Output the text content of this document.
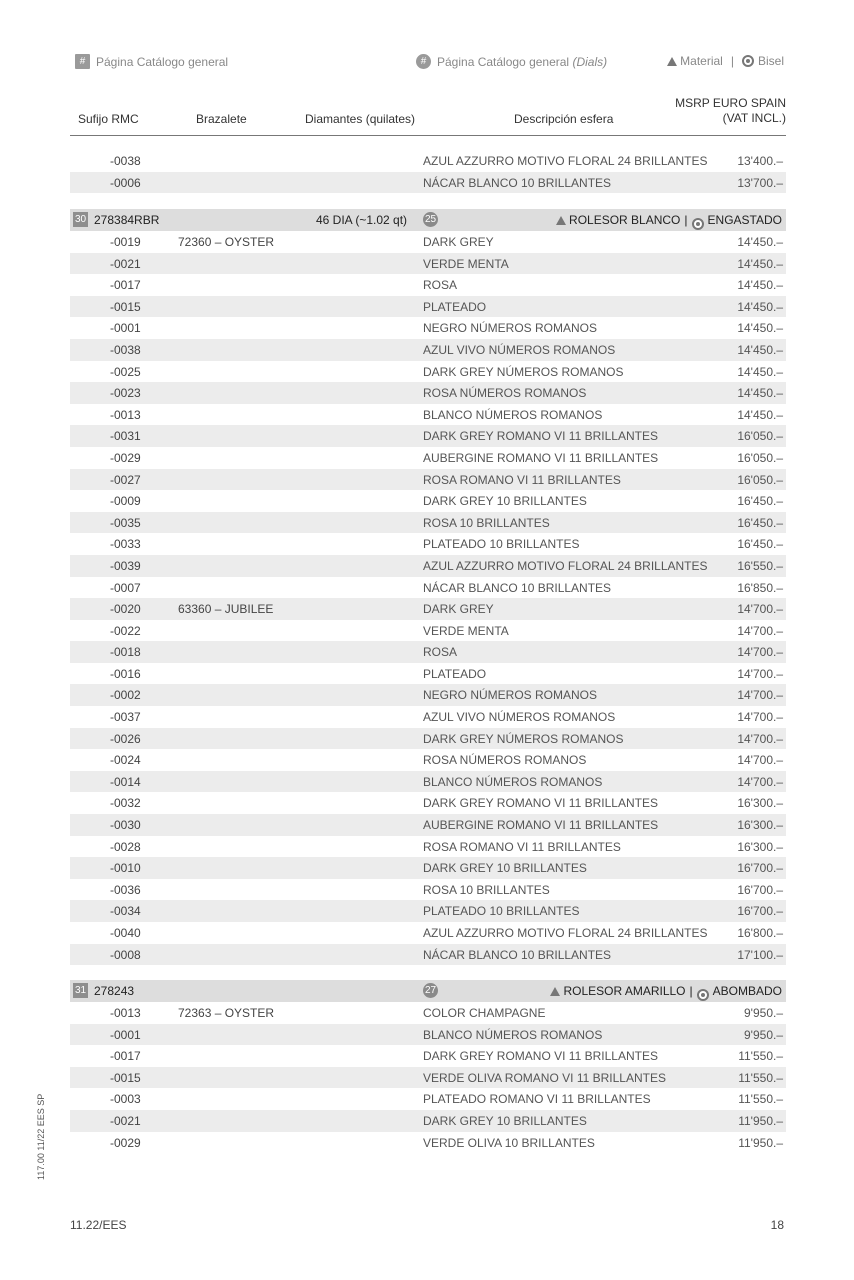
# Página Catálogo general	# Página Catálogo general
(Dials)	Material | Bisel
Sufijo RMC	Brazalete	Diamantes (quilates)	Descripción esfera
MSRP EURO SPAIN
(VAT INCL.)
-0038	AZUL AZZURRO MOTIVO FLORAL 24 BRILLANTES 13'400.–
-0006	NÁCAR BLANCO 10 BRILLANTES	13'700.–
30 278384RBR	46 DIA (~1.02 qt) 25	ROLESOR BLANCO | ENGASTADO
-0019	72360 – OYSTER	DARK GREY	14'450.–
-0021	VERDE MENTA	14'450.–
-0017	ROSA	14'450.–
-0015	PLATEADO	14'450.–
-0001	NEGRO NÚMEROS ROMANOS	14'450.–
-0038	AZUL VIVO NÚMEROS ROMANOS	14'450.–
-0025	DARK GREY NÚMEROS ROMANOS	14'450.–
-0023	ROSA NÚMEROS ROMANOS	14'450.–
-0013	BLANCO NÚMEROS ROMANOS	14'450.–
-0031	DARK GREY ROMANO VI 11 BRILLANTES	16'050.–
-0029	AUBERGINE ROMANO VI 11 BRILLANTES	16'050.–
-0027	ROSA ROMANO VI 11 BRILLANTES	16'050.–
-0009	DARK GREY 10 BRILLANTES	16'450.–
-0035	ROSA 10 BRILLANTES	16'450.–
-0033	PLATEADO 10 BRILLANTES	16'450.–
-0039	AZUL AZZURRO MOTIVO FLORAL 24 BRILLANTES 16'550.–
-0007	NÁCAR BLANCO 10 BRILLANTES	16'850.–
-0020	63360 – JUBILEE	DARK GREY	14'700.–
-0022	VERDE MENTA	14'700.–
-0018	ROSA	14'700.–
-0016	PLATEADO	14'700.–
-0002	NEGRO NÚMEROS ROMANOS	14'700.–
-0037	AZUL VIVO NÚMEROS ROMANOS	14'700.–
-0026	DARK GREY NÚMEROS ROMANOS	14'700.–
-0024	ROSA NÚMEROS ROMANOS	14'700.–
-0014	BLANCO NÚMEROS ROMANOS	14'700.–
-0032	DARK GREY ROMANO VI 11 BRILLANTES	16'300.–
-0030	AUBERGINE ROMANO VI 11 BRILLANTES	16'300.–
-0028	ROSA ROMANO VI 11 BRILLANTES	16'300.–
-0010	DARK GREY 10 BRILLANTES	16'700.–
-0036	ROSA 10 BRILLANTES	16'700.–
-0034	PLATEADO 10 BRILLANTES	16'700.–
-0040	AZUL AZZURRO MOTIVO FLORAL 24 BRILLANTES 16'800.–
-0008	NÁCAR BLANCO 10 BRILLANTES	17'100.–
31 278243	27	ROLESOR AMARILLO | ABOMBADO
-0013	72363 – OYSTER	COLOR CHAMPAGNE	9'950.–
-0001	BLANCO NÚMEROS ROMANOS	9'950.–
-0017	DARK GREY ROMANO VI 11 BRILLANTES	11'550.–
-0015	VERDE OLIVA ROMANO VI 11 BRILLANTES	11'550.–
-0003	PLATEADO ROMANO VI 11 BRILLANTES	11'550.–
-0021	DARK GREY 10 BRILLANTES	11'950.–
-0029	VERDE OLIVA 10 BRILLANTES	11'950.–
117.00 11/22 EES SP
11.22/EES	18
